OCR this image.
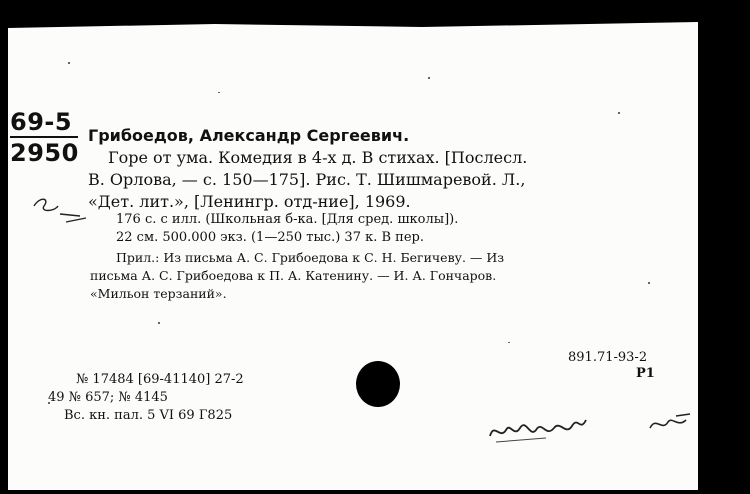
69-5
2950
Грибоедов, Александр Сергеевич.
Горе от ума. Комедия в 4-х д. В стихах. [Послесл.
В. Орлова, — с. 150—175]. Рис. Т. Шишмаревой. Л.,
«Дет. лит.», [Ленингр. отд-ние], 1969.
176 с. с илл. (Школьная б-ка. [Для сред. школы]).
22 см. 500.000 экз. (1—250 тыс.) 37 к. В пер.
Прил.: Из письма А. С. Грибоедова к С. Н. Бегичеву. — Из
письма А. С. Грибоедова к П. А. Катенину. — И. А. Гончаров.
«Мильон терзаний».
891.71-93-2
Р1
№ 17484 [69-41140] 27-2
49 № 657; № 4145
Вс. кн. пал. 5 VI 69 Г825
